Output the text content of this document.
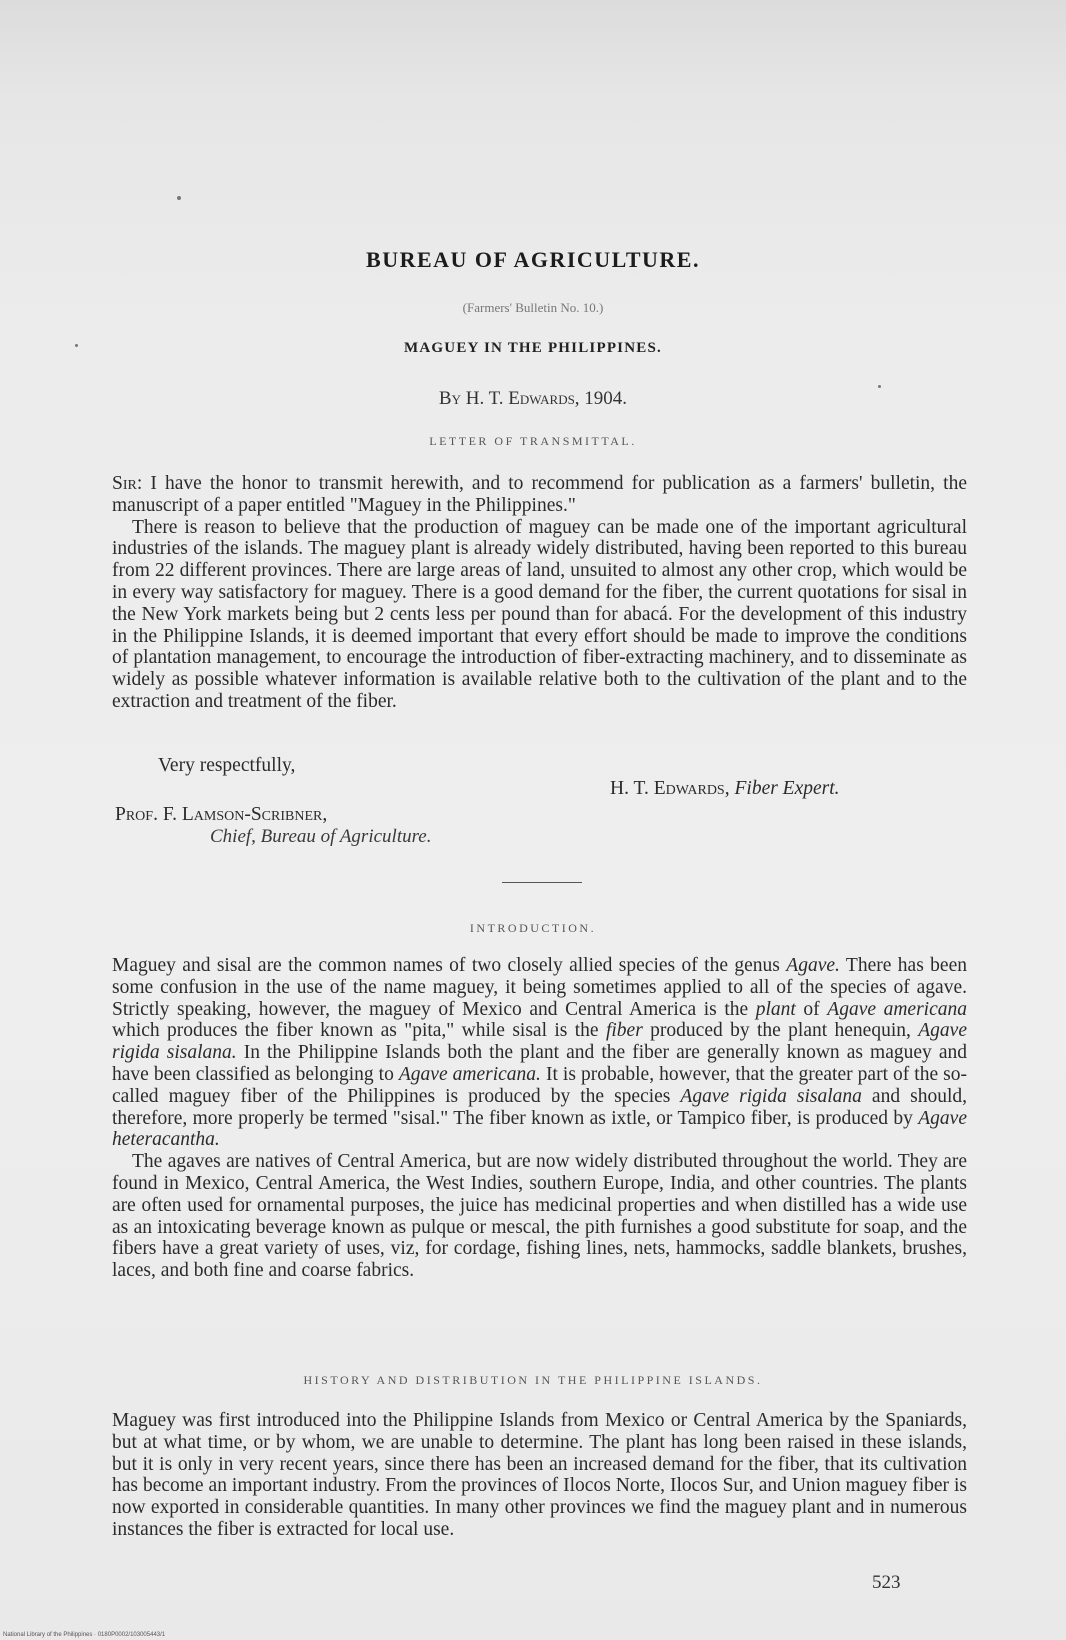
BUREAU OF AGRICULTURE.
(Farmers' Bulletin No. 10.)
MAGUEY IN THE PHILIPPINES.
By H. T. Edwards, 1904.
LETTER OF TRANSMITTAL.

Sir: I have the honor to transmit herewith, and to recommend for publication as a farmers' bulletin, the manuscript of a paper entitled "Maguey in the Philippines."

There is reason to believe that the production of maguey can be made one of the important agricultural industries of the islands. The maguey plant is already widely distributed, having been reported to this bureau from 22 different provinces. There are large areas of land, unsuited to almost any other crop, which would be in every way satisfactory for maguey. There is a good demand for the fiber, the current quotations for sisal in the New York markets being but 2 cents less per pound than for abacá. For the development of this industry in the Philippine Islands, it is deemed important that every effort should be made to improve the conditions of plantation management, to encourage the introduction of fiber-extracting machinery, and to disseminate as widely as possible whatever information is available relative both to the cultivation of the plant and to the extraction and treatment of the fiber.

Very respectfully,
H. T. Edwards, Fiber Expert.
Prof. F. Lamson-Scribner,
Chief, Bureau of Agriculture.
INTRODUCTION.

Maguey and sisal are the common names of two closely allied species of the genus Agave. There has been some confusion in the use of the name maguey, it being sometimes applied to all of the species of agave. Strictly speaking, however, the maguey of Mexico and Central America is the plant of Agave americana which produces the fiber known as "pita," while sisal is the fiber produced by the plant henequin, Agave rigida sisalana. In the Philippine Islands both the plant and the fiber are generally known as maguey and have been classified as belonging to Agave americana. It is probable, however, that the greater part of the so-called maguey fiber of the Philippines is produced by the species Agave rigida sisalana and should, therefore, more properly be termed "sisal." The fiber known as ixtle, or Tampico fiber, is produced by Agave heteracantha.

The agaves are natives of Central America, but are now widely distributed throughout the world. They are found in Mexico, Central America, the West Indies, southern Europe, India, and other countries. The plants are often used for ornamental purposes, the juice has medicinal properties and when distilled has a wide use as an intoxicating beverage known as pulque or mescal, the pith furnishes a good substitute for soap, and the fibers have a great variety of uses, viz, for cordage, fishing lines, nets, hammocks, saddle blankets, brushes, laces, and both fine and coarse fabrics.

HISTORY AND DISTRIBUTION IN THE PHILIPPINE ISLANDS.

Maguey was first introduced into the Philippine Islands from Mexico or Central America by the Spaniards, but at what time, or by whom, we are unable to determine. The plant has long been raised in these islands, but it is only in very recent years, since there has been an increased demand for the fiber, that its cultivation has become an important industry. From the provinces of Ilocos Norte, Ilocos Sur, and Union maguey fiber is now exported in considerable quantities. In many other provinces we find the maguey plant and in numerous instances the fiber is extracted for local use.

523
National Library of the Philippines · 0180P0002/103005443/1
